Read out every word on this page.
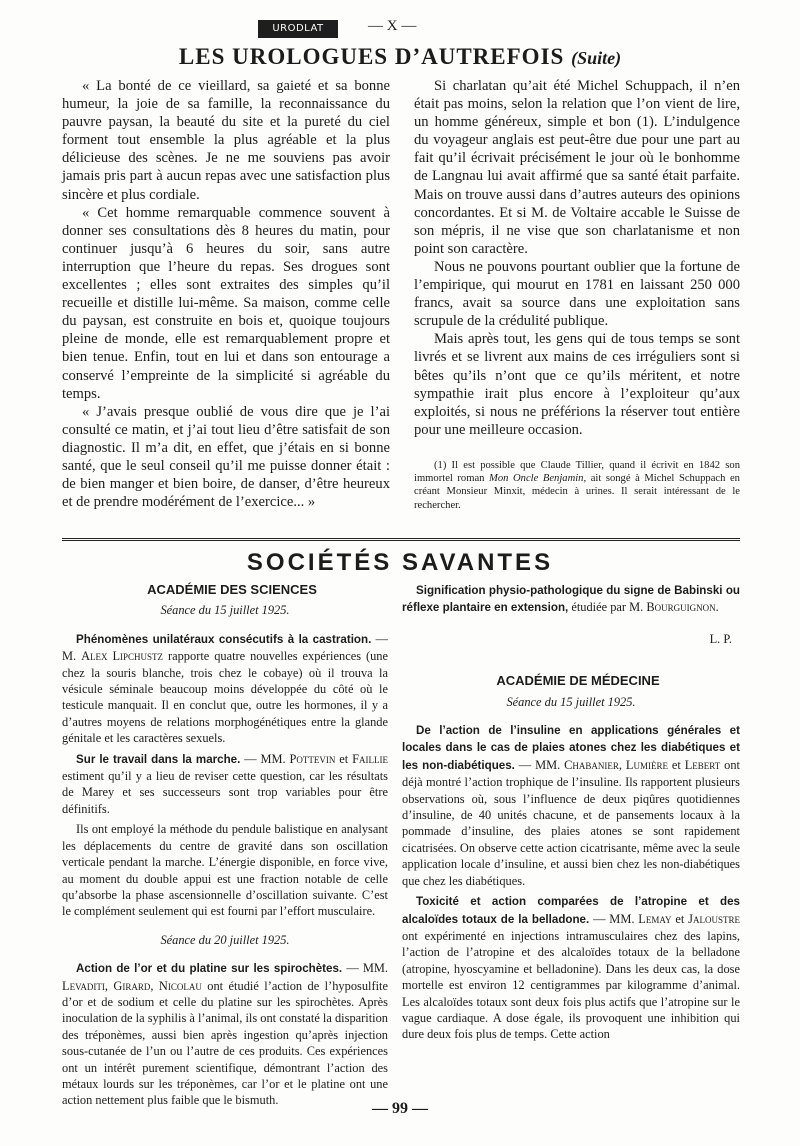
URODLAT	— X —
LES UROLOGUES D’AUTREFOIS (Suite)

« La bonté de ce vieillard, sa gaieté et sa bonne humeur, la joie de sa famille, la reconnaissance du pauvre paysan, la beauté du site et la pureté du ciel forment tout ensemble la plus agréable et la plus délicieuse des scènes. Je ne me souviens pas avoir jamais pris part à aucun repas avec une satisfaction plus sincère et plus cordiale.

« Cet homme remarquable commence souvent à donner ses consultations dès 8 heures du matin, pour continuer jusqu’à 6 heures du soir, sans autre interruption que l’heure du repas. Ses drogues sont excellentes ; elles sont extraites des simples qu’il recueille et distille lui-même. Sa maison, comme celle du paysan, est construite en bois et, quoique toujours pleine de monde, elle est remarquablement propre et bien tenue. Enfin, tout en lui et dans son entourage a conservé l’empreinte de la simplicité si agréable du temps.

« J’avais presque oublié de vous dire que je l’ai consulté ce matin, et j’ai tout lieu d’être satisfait de son diagnostic. Il m’a dit, en effet, que j’étais en si bonne santé, que le seul conseil qu’il me puisse donner était : de bien manger et bien boire, de danser, d’être heureux et de prendre modérément de l’exercice... »

Si charlatan qu’ait été Michel Schuppach, il n’en était pas moins, selon la relation que l’on vient de lire, un homme généreux, simple et bon (1). L’indulgence du voyageur anglais est peut-être due pour une part au fait qu’il écrivait précisément le jour où le bonhomme de Langnau lui avait affirmé que sa santé était parfaite. Mais on trouve aussi dans d’autres auteurs des opinions concordantes. Et si M. de Voltaire accable le Suisse de son mépris, il ne vise que son charlatanisme et non point son caractère.

Nous ne pouvons pourtant oublier que la fortune de l’empirique, qui mourut en 1781 en laissant 250 000 francs, avait sa source dans une exploitation sans scrupule de la crédulité publique.

Mais après tout, les gens qui de tous temps se sont livrés et se livrent aux mains de ces irréguliers sont si bêtes qu’ils n’ont que ce qu’ils méritent, et notre sympathie irait plus encore à l’exploiteur qu’aux exploités, si nous ne préférions la réserver tout entière pour une meilleure occasion.

(1) Il est possible que Claude Tillier, quand il écrivit en 1842 son immortel roman Mon Oncle Benjamin, ait songé à Michel Schuppach en créant Monsieur Minxit, médecin à urines. Il serait intéressant de le rechercher.

SOCIÉTÉS SAVANTES

ACADÉMIE DES SCIENCES

Séance du 15 juillet 1925.

Phénomènes unilatéraux consécutifs à la castration. — M. Alex Lipchustz rapporte quatre nouvelles expériences (une chez la souris blanche, trois chez le cobaye) où il trouva la vésicule séminale beaucoup moins développée du côté où le testicule manquait. Il en conclut que, outre les hormones, il y a d’autres moyens de relations morphogénétiques entre la glande génitale et les caractères sexuels.

Sur le travail dans la marche. — MM. Pottevin et Faillie estiment qu’il y a lieu de reviser cette question, car les résultats de Marey et ses successeurs sont trop variables pour être définitifs.

Ils ont employé la méthode du pendule balistique en analysant les déplacements du centre de gravité dans son oscillation verticale pendant la marche. L’énergie disponible, en force vive, au moment du double appui est une fraction notable de celle qu’absorbe la phase ascensionnelle d’oscillation suivante. C’est le complément seulement qui est fourni par l’effort musculaire.

Séance du 20 juillet 1925.

Action de l’or et du platine sur les spirochètes. — MM. Levaditi, Girard, Nicolau ont étudié l’action de l’hyposulfite d’or et de sodium et celle du platine sur les spirochètes. Après inoculation de la syphilis à l’animal, ils ont constaté la disparition des tréponèmes, aussi bien après ingestion qu’après injection sous-cutanée de l’un ou l’autre de ces produits. Ces expériences ont un intérêt purement scientifique, démontrant l’action des métaux lourds sur les tréponèmes, car l’or et le platine ont une action nettement plus faible que le bismuth.

Signification physio-pathologique du signe de Babinski ou réflexe plantaire en extension, étudiée par M. Bourguignon.

L. P.

ACADÉMIE DE MÉDECINE

Séance du 15 juillet 1925.

De l’action de l’insuline en applications générales et locales dans le cas de plaies atones chez les diabétiques et les non-diabétiques. — MM. Chabanier, Lumière et Lebert ont déjà montré l’action trophique de l’insuline. Ils rapportent plusieurs observations où, sous l’influence de deux piqûres quotidiennes d’insuline, de 40 unités chacune, et de pansements locaux à la pommade d’insuline, des plaies atones se sont rapidement cicatrisées. On observe cette action cicatrisante, même avec la seule application locale d’insuline, et aussi bien chez les non-diabétiques que chez les diabétiques.

Toxicité et action comparées de l’atropine et des alcaloïdes totaux de la belladone. — MM. Lemay et Jaloustre ont expérimenté en injections intramusculaires chez des lapins, l’action de l’atropine et des alcaloïdes totaux de la belladone (atropine, hyoscyamine et belladonine). Dans les deux cas, la dose mortelle est environ 12 centigrammes par kilogramme d’animal. Les alcaloïdes totaux sont deux fois plus actifs que l’atropine sur le vague cardiaque. A dose égale, ils provoquent une inhibition qui dure deux fois plus de temps. Cette action

— 99 —
